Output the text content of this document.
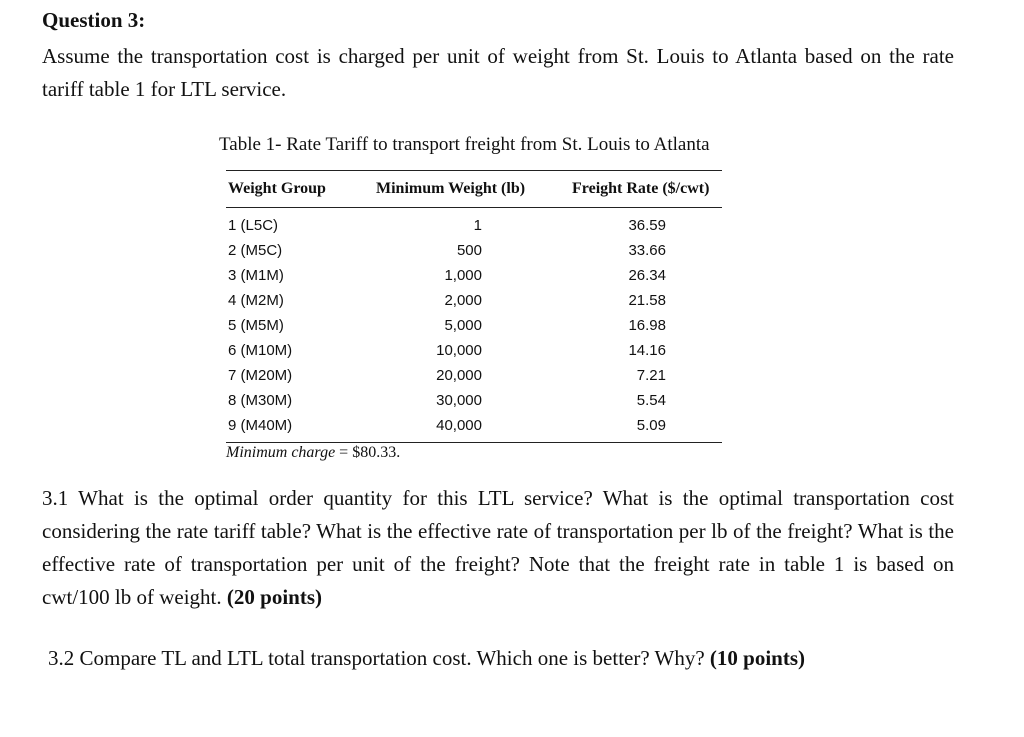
Question 3:
Assume the transportation cost is charged per unit of weight from St. Louis to Atlanta based on the rate tariff table 1 for LTL service.
Table 1- Rate Tariff to transport freight from St. Louis to Atlanta
Weight Group	Minimum Weight (lb)	Freight Rate ($/cwt)
1 (L5C)	1	36.59
2 (M5C)	500	33.66
3 (M1M)	1,000	26.34
4 (M2M)	2,000	21.58
5 (M5M)	5,000	16.98
6 (M10M)	10,000	14.16
7 (M20M)	20,000	7.21
8 (M30M)	30,000	5.54
9 (M40M)	40,000	5.09
Minimum charge = $80.33.
3.1 What is the optimal order quantity for this LTL service? What is the optimal transportation cost considering the rate tariff table? What is the effective rate of transportation per lb of the freight? What is the effective rate of transportation per unit of the freight? Note that the freight rate in table 1 is based on cwt/100 lb of weight. (20 points)
3.2 Compare TL and LTL total transportation cost. Which one is better? Why? (10 points)
